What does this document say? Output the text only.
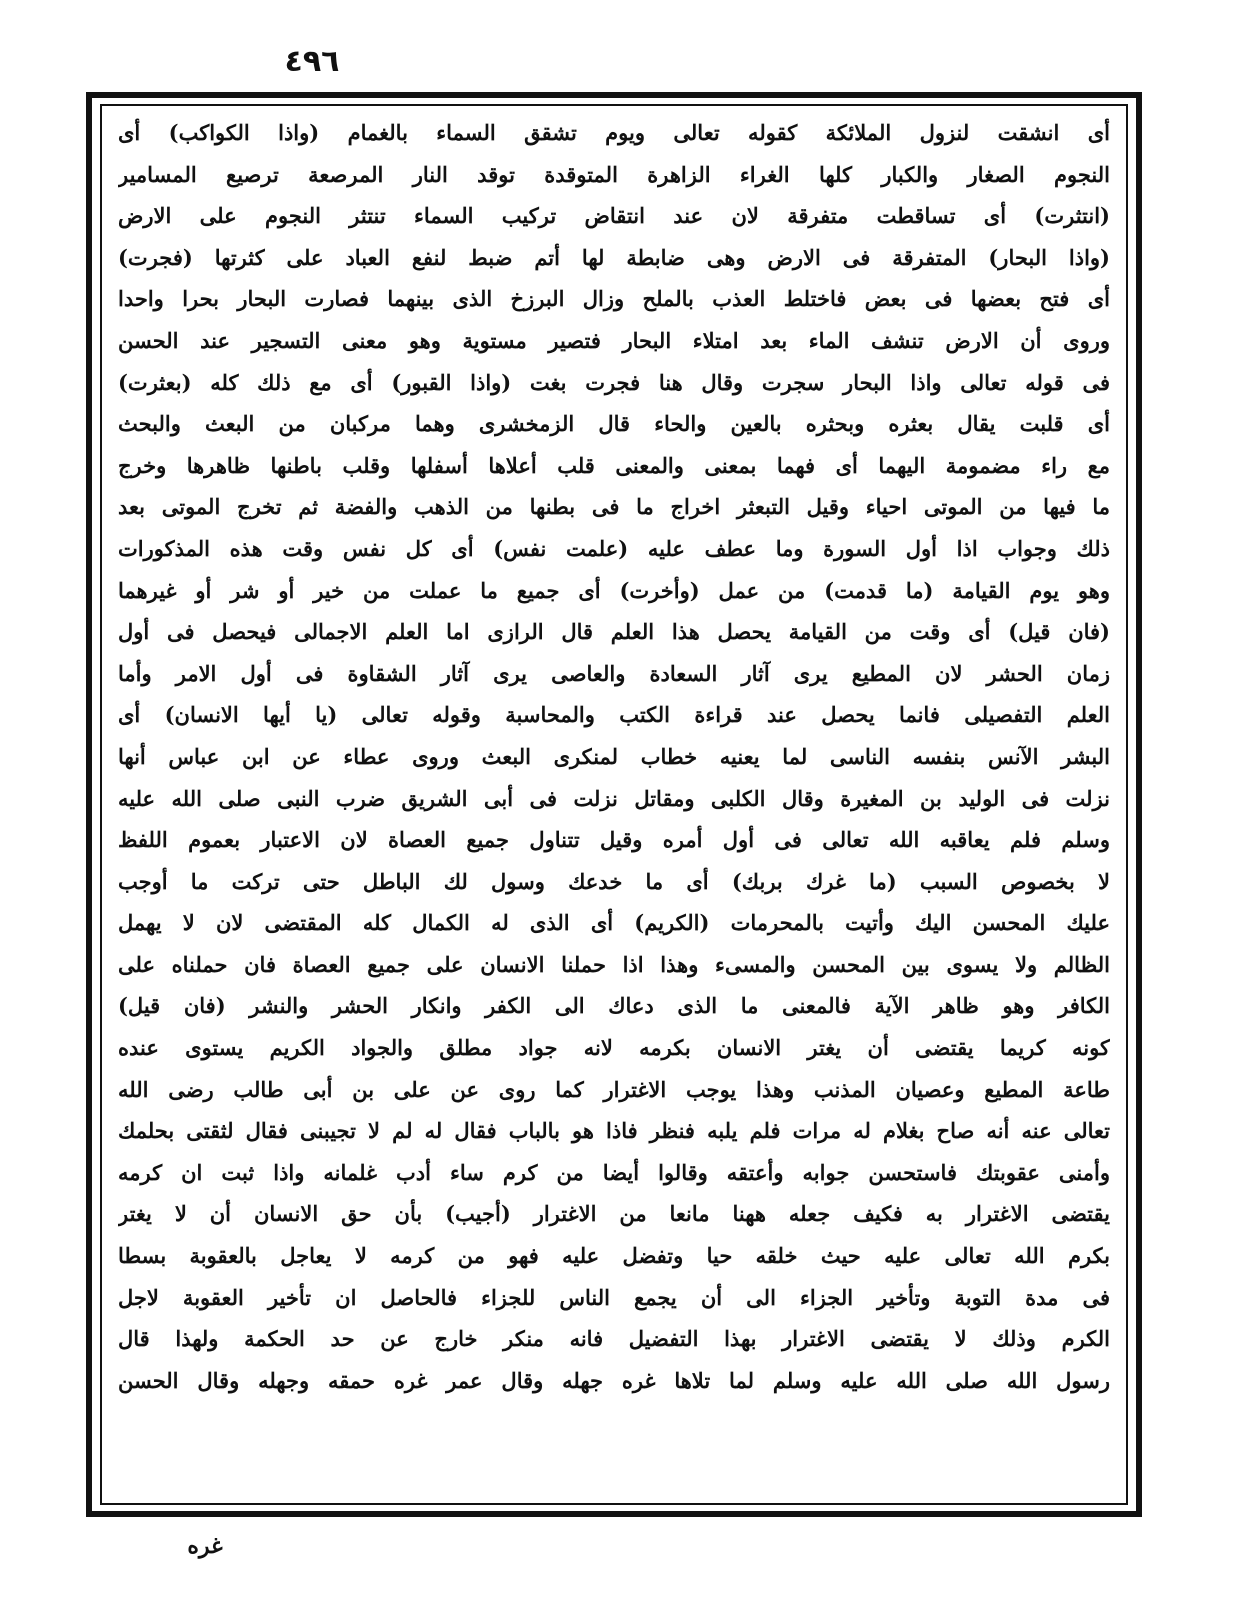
٤٩٦
أى انشقت لنزول الملائكة كقوله تعالى ويوم تشقق السماء بالغمام (واذا الكواكب) أى
النجوم الصغار والكبار كلها الغراء الزاهرة المتوقدة توقد النار المرصعة ترصيع المسامير
(انتثرت) أى تساقطت متفرقة لان عند انتقاض تركيب السماء تنتثر النجوم على الارض
(واذا البحار) المتفرقة فى الارض وهى ضابطة لها أتم ضبط لنفع العباد على كثرتها (فجرت)
أى فتح بعضها فى بعض فاختلط العذب بالملح وزال البرزخ الذى بينهما فصارت البحار بحرا واحدا
وروى أن الارض تنشف الماء بعد امتلاء البحار فتصير مستوية وهو معنى التسجير عند الحسن
فى قوله تعالى واذا البحار سجرت وقال هنا فجرت بغت (واذا القبور) أى مع ذلك كله (بعثرت)
أى قلبت يقال بعثره وبحثره بالعين والحاء قال الزمخشرى وهما مركبان من البعث والبحث
مع راء مضمومة اليهما أى فهما بمعنى والمعنى قلب أعلاها أسفلها وقلب باطنها ظاهرها وخرج
ما فيها من الموتى احياء وقيل التبعثر اخراج ما فى بطنها من الذهب والفضة ثم تخرج الموتى بعد
ذلك وجواب اذا أول السورة وما عطف عليه (علمت نفس) أى كل نفس وقت هذه المذكورات
وهو يوم القيامة (ما قدمت) من عمل (وأخرت) أى جميع ما عملت من خير أو شر أو غيرهما
(فان قيل) أى وقت من القيامة يحصل هذا العلم قال الرازى اما العلم الاجمالى فيحصل فى أول
زمان الحشر لان المطيع يرى آثار السعادة والعاصى يرى آثار الشقاوة فى أول الامر وأما
العلم التفصيلى فانما يحصل عند قراءة الكتب والمحاسبة وقوله تعالى (يا أيها الانسان) أى
البشر الآنس بنفسه الناسى لما يعنيه خطاب لمنكرى البعث وروى عطاء عن ابن عباس أنها
نزلت فى الوليد بن المغيرة وقال الكلبى ومقاتل نزلت فى أبى الشريق ضرب النبى صلى الله عليه
وسلم فلم يعاقبه الله تعالى فى أول أمره وقيل تتناول جميع العصاة لان الاعتبار بعموم اللفظ
لا بخصوص السبب (ما غرك بربك) أى ما خدعك وسول لك الباطل حتى تركت ما أوجب
عليك المحسن اليك وأتيت بالمحرمات (الكريم) أى الذى له الكمال كله المقتضى لان لا يهمل
الظالم ولا يسوى بين المحسن والمسىء وهذا اذا حملنا الانسان على جميع العصاة فان حملناه على
الكافر وهو ظاهر الآية فالمعنى ما الذى دعاك الى الكفر وانكار الحشر والنشر (فان قيل)
كونه كريما يقتضى أن يغتر الانسان بكرمه لانه جواد مطلق والجواد الكريم يستوى عنده
طاعة المطيع وعصيان المذنب وهذا يوجب الاغترار كما روى عن على بن أبى طالب رضى الله
تعالى عنه أنه صاح بغلام له مرات فلم يلبه فنظر فاذا هو بالباب فقال له لم لا تجيبنى فقال لثقتى بحلمك
وأمنى عقوبتك فاستحسن جوابه وأعتقه وقالوا أيضا من كرم ساء أدب غلمانه واذا ثبت ان كرمه
يقتضى الاغترار به فكيف جعله ههنا مانعا من الاغترار (أجيب) بأن حق الانسان أن لا يغتر
بكرم الله تعالى عليه حيث خلقه حيا وتفضل عليه فهو من كرمه لا يعاجل بالعقوبة بسطا
فى مدة التوبة وتأخير الجزاء الى أن يجمع الناس للجزاء فالحاصل ان تأخير العقوبة لاجل
الكرم وذلك لا يقتضى الاغترار بهذا التفضيل فانه منكر خارج عن حد الحكمة ولهذا قال
رسول الله صلى الله عليه وسلم لما تلاها غره جهله وقال عمر غره حمقه وجهله وقال الحسن
غره
